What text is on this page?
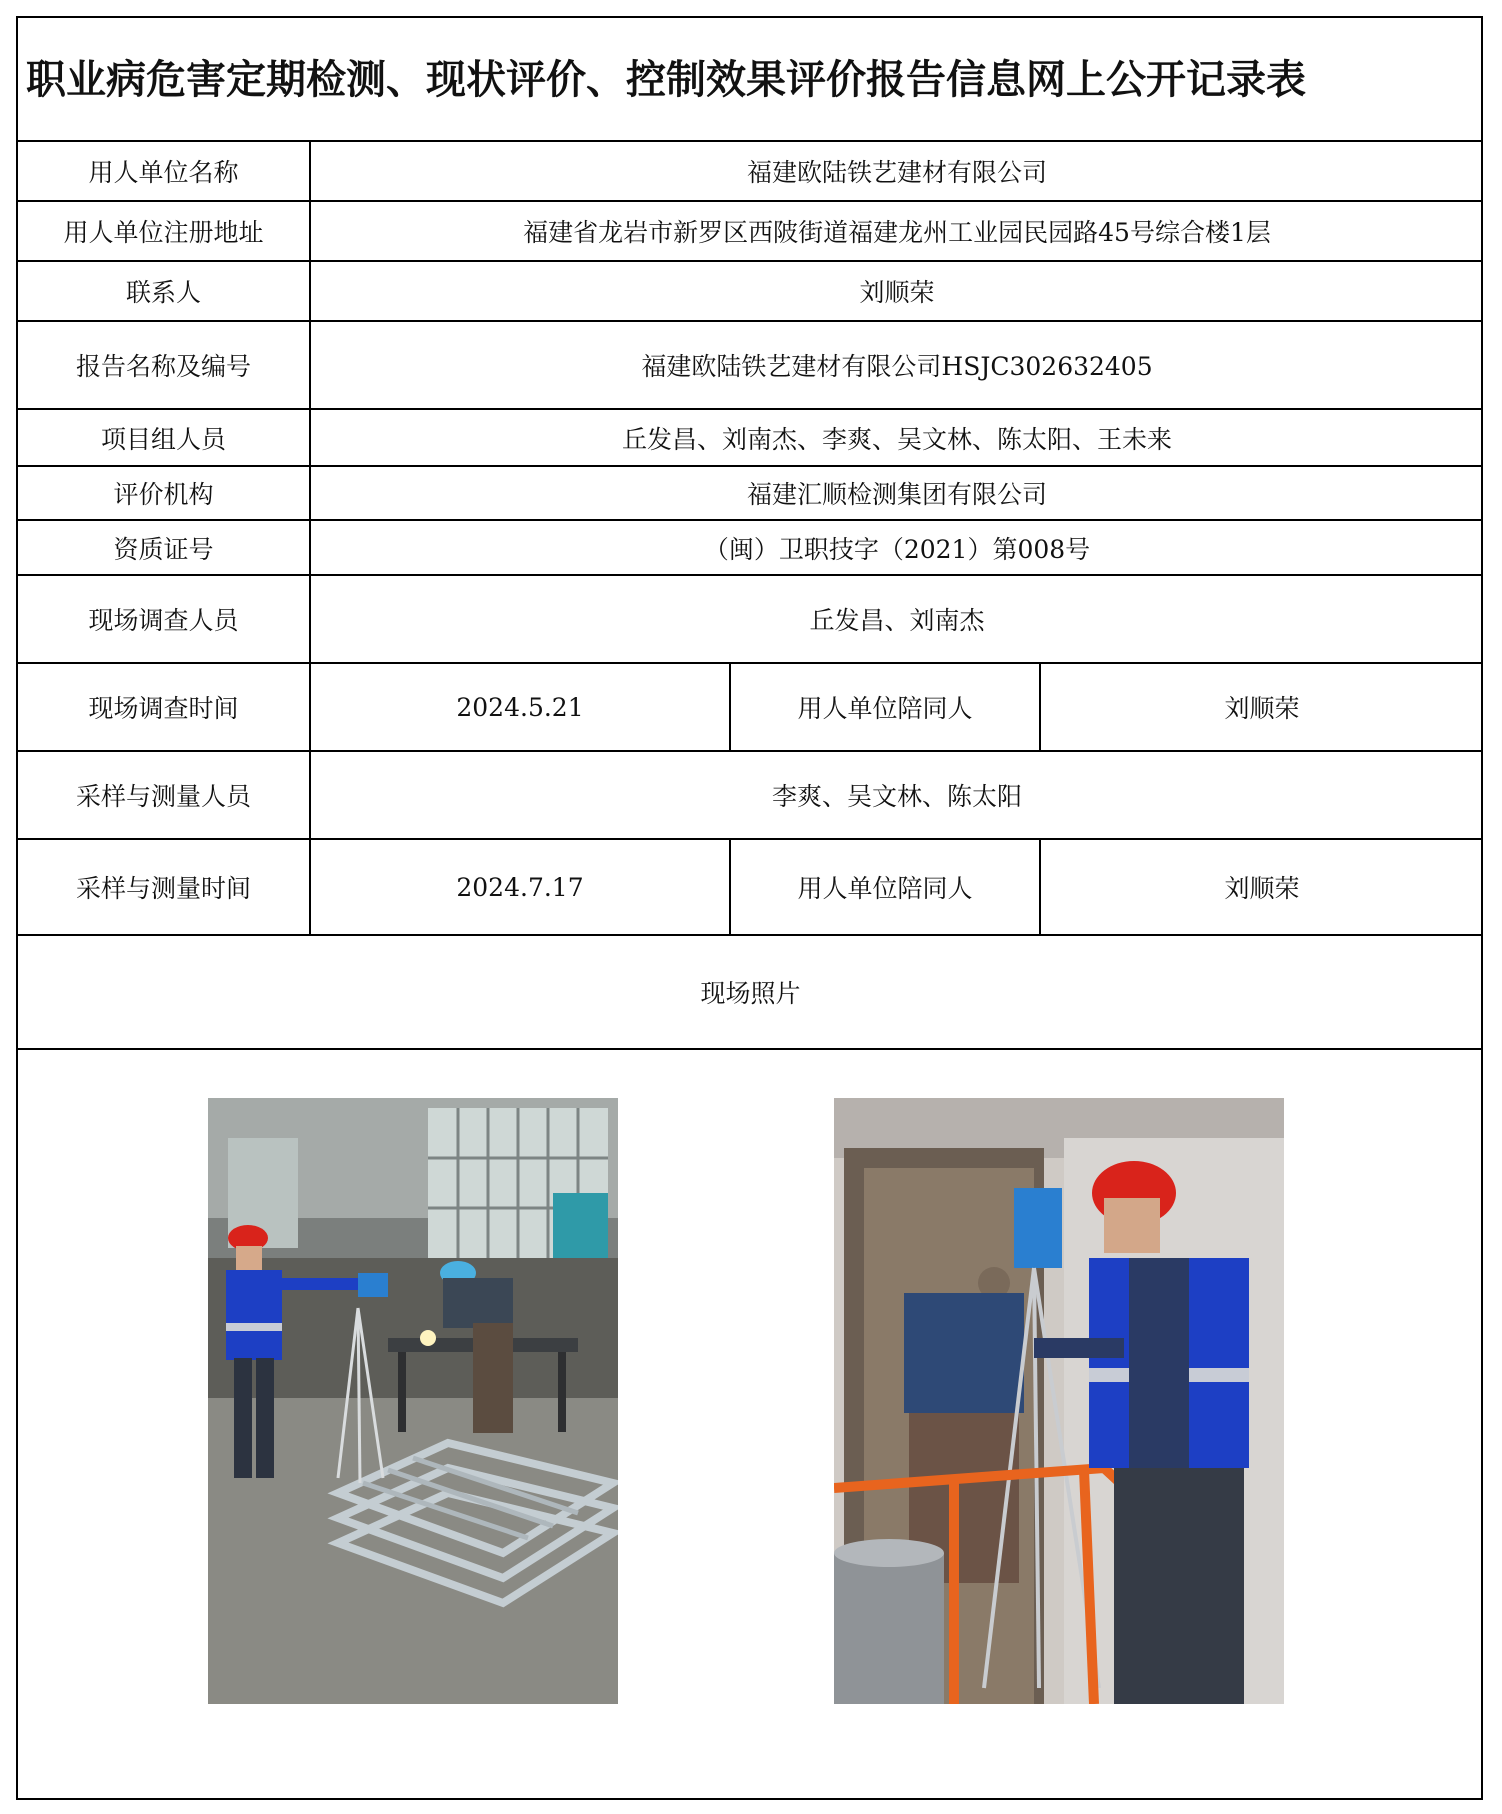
职业病危害定期检测、现状评价、控制效果评价报告信息网上公开记录表
用人单位名称	福建欧陆铁艺建材有限公司		
用人单位注册地址	福建省龙岩市新罗区西陂街道福建龙州工业园民园路45号综合楼1层		
联系人	刘顺荣		
报告名称及编号	福建欧陆铁艺建材有限公司HSJC302632405		
项目组人员	丘发昌、刘南杰、李爽、吴文林、陈太阳、王未来		
评价机构	福建汇顺检测集团有限公司		
资质证号	（闽）卫职技字（2021）第008号		
现场调查人员	丘发昌、刘南杰		
现场调查时间	2024.5.21	用人单位陪同人	刘顺荣
采样与测量人员	李爽、吴文林、陈太阳		
采样与测量时间	2024.7.17	用人单位陪同人	刘顺荣
现场照片			
